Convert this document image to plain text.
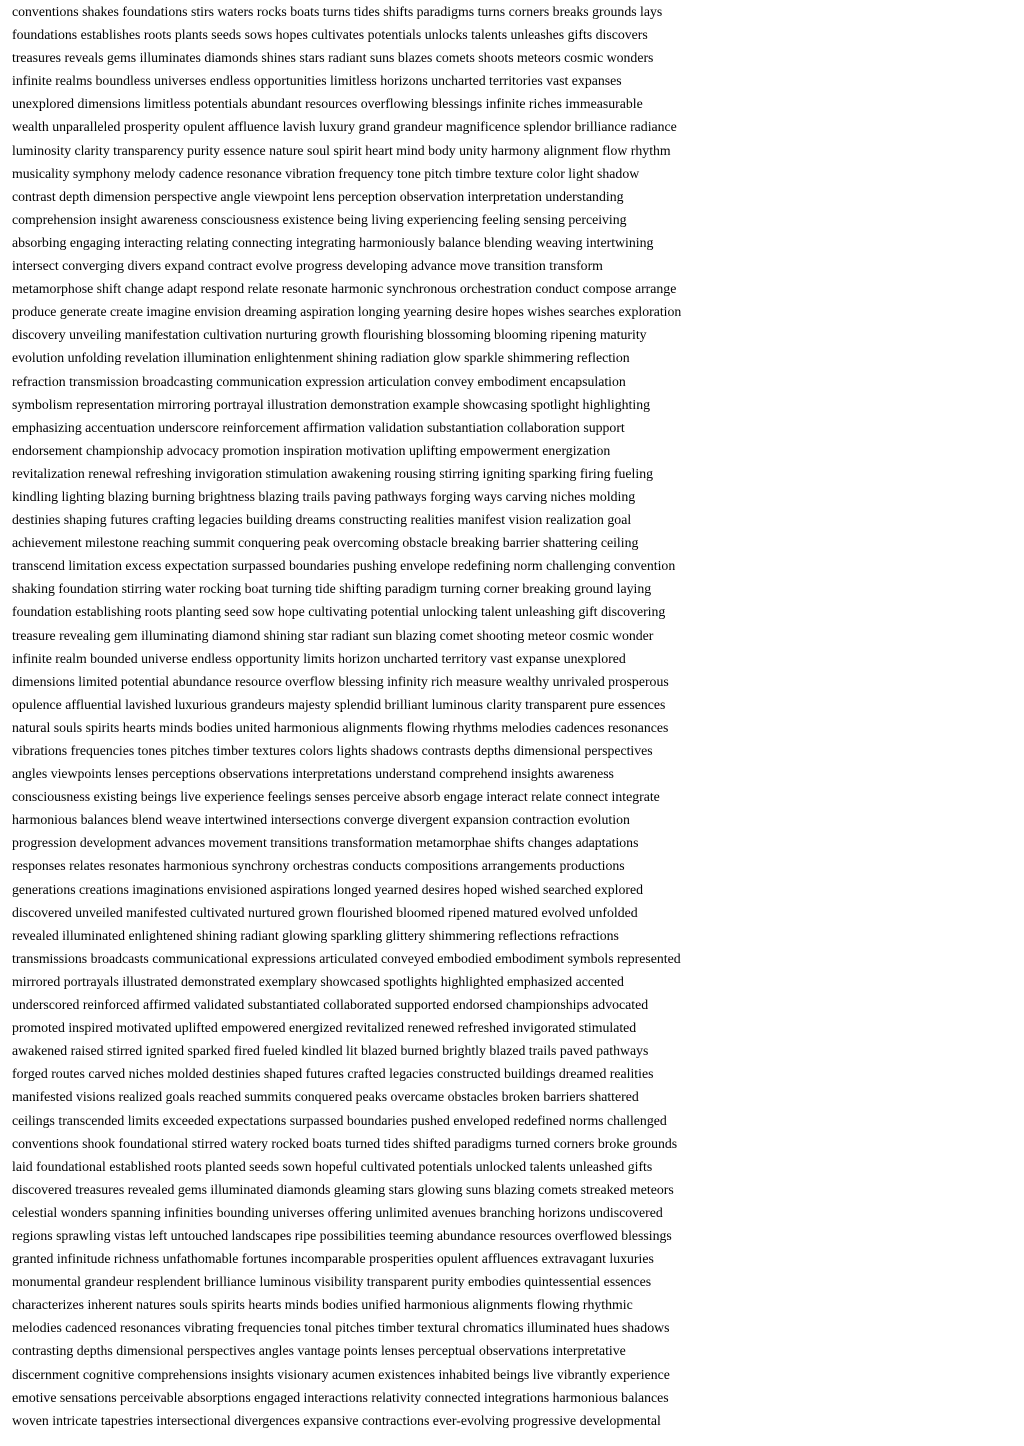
conventions shakes foundations stirs waters rocks boats turns tides shifts paradigms turns corners breaks grounds lays

foundations establishes roots plants seeds sows hopes cultivates potentials unlocks talents unleashes gifts discovers

treasures reveals gems illuminates diamonds shines stars radiant suns blazes comets shoots meteors cosmic wonders

infinite realms boundless universes endless opportunities limitless horizons uncharted territories vast expanses

unexplored dimensions limitless potentials abundant resources overflowing blessings infinite riches immeasurable

wealth unparalleled prosperity opulent affluence lavish luxury grand grandeur magnificence splendor brilliance radiance

luminosity clarity transparency purity essence nature soul spirit heart mind body unity harmony alignment flow rhythm

musicality symphony melody cadence resonance vibration frequency tone pitch timbre texture color light shadow

contrast depth dimension perspective angle viewpoint lens perception observation interpretation understanding

comprehension insight awareness consciousness existence being living experiencing feeling sensing perceiving

absorbing engaging interacting relating connecting integrating harmoniously balance blending weaving intertwining

intersect converging divers expand contract evolve progress developing advance move transition transform

metamorphose shift change adapt respond relate resonate harmonic synchronous orchestration conduct compose arrange

produce generate create imagine envision dreaming aspiration longing yearning desire hopes wishes searches exploration

discovery unveiling manifestation cultivation nurturing growth flourishing blossoming blooming ripening maturity

evolution unfolding revelation illumination enlightenment shining radiation glow sparkle shimmering reflection

refraction transmission broadcasting communication expression articulation convey embodiment encapsulation

symbolism representation mirroring portrayal illustration demonstration example showcasing spotlight highlighting

emphasizing accentuation underscore reinforcement affirmation validation substantiation collaboration support

endorsement championship advocacy promotion inspiration motivation uplifting empowerment energization

revitalization renewal refreshing invigoration stimulation awakening rousing stirring igniting sparking firing fueling

kindling lighting blazing burning brightness blazing trails paving pathways forging ways carving niches molding

destinies shaping futures crafting legacies building dreams constructing realities manifest vision realization goal

achievement milestone reaching summit conquering peak overcoming obstacle breaking barrier shattering ceiling

transcend limitation excess expectation surpassed boundaries pushing envelope redefining norm challenging convention

shaking foundation stirring water rocking boat turning tide shifting paradigm turning corner breaking ground laying

foundation establishing roots planting seed sow hope cultivating potential unlocking talent unleashing gift discovering

treasure revealing gem illuminating diamond shining star radiant sun blazing comet shooting meteor cosmic wonder

infinite realm bounded universe endless opportunity limits horizon uncharted territory vast expanse unexplored

dimensions limited potential abundance resource overflow blessing infinity rich measure wealthy unrivaled prosperous

opulence affluential lavished luxurious grandeurs majesty splendid brilliant luminous clarity transparent pure essences

natural souls spirits hearts minds bodies united harmonious alignments flowing rhythms melodies cadences resonances

vibrations frequencies tones pitches timber textures colors lights shadows contrasts depths dimensional perspectives

angles viewpoints lenses perceptions observations interpretations understand comprehend insights awareness

consciousness existing beings live experience feelings senses perceive absorb engage interact relate connect integrate

harmonious balances blend weave intertwined intersections converge divergent expansion contraction evolution

progression development advances movement transitions transformation metamorphae shifts changes adaptations

responses relates resonates harmonious synchrony orchestras conducts compositions arrangements productions

generations creations imaginations envisioned aspirations longed yearned desires hoped wished searched explored

discovered unveiled manifested cultivated nurtured grown flourished bloomed ripened matured evolved unfolded

revealed illuminated enlightened shining radiant glowing sparkling glittery shimmering reflections refractions

transmissions broadcasts communicational expressions articulated conveyed embodied embodiment symbols represented

mirrored portrayals illustrated demonstrated exemplary showcased spotlights highlighted emphasized accented

underscored reinforced affirmed validated substantiated collaborated supported endorsed championships advocated

promoted inspired motivated uplifted empowered energized revitalized renewed refreshed invigorated stimulated

awakened raised stirred ignited sparked fired fueled kindled lit blazed burned brightly blazed trails paved pathways

forged routes carved niches molded destinies shaped futures crafted legacies constructed buildings dreamed realities

manifested visions realized goals reached summits conquered peaks overcame obstacles broken barriers shattered

ceilings transcended limits exceeded expectations surpassed boundaries pushed enveloped redefined norms challenged

conventions shook foundational stirred watery rocked boats turned tides shifted paradigms turned corners broke grounds

laid foundational established roots planted seeds sown hopeful cultivated potentials unlocked talents unleashed gifts

discovered treasures revealed gems illuminated diamonds gleaming stars glowing suns blazing comets streaked meteors

celestial wonders spanning infinities bounding universes offering unlimited avenues branching horizons undiscovered

regions sprawling vistas left untouched landscapes ripe possibilities teeming abundance resources overflowed blessings

granted infinitude richness unfathomable fortunes incomparable prosperities opulent affluences extravagant luxuries

monumental grandeur resplendent brilliance luminous visibility transparent purity embodies quintessential essences

characterizes inherent natures souls spirits hearts minds bodies unified harmonious alignments flowing rhythmic

melodies cadenced resonances vibrating frequencies tonal pitches timber textural chromatics illuminated hues shadows

contrasting depths dimensional perspectives angles vantage points lenses perceptual observations interpretative

discernment cognitive comprehensions insights visionary acumen existences inhabited beings live vibrantly experience

emotive sensations perceivable absorptions engaged interactions relativity connected integrations harmonious balances

woven intricate tapestries intersectional divergences expansive contractions ever-evolving progressive developmental
